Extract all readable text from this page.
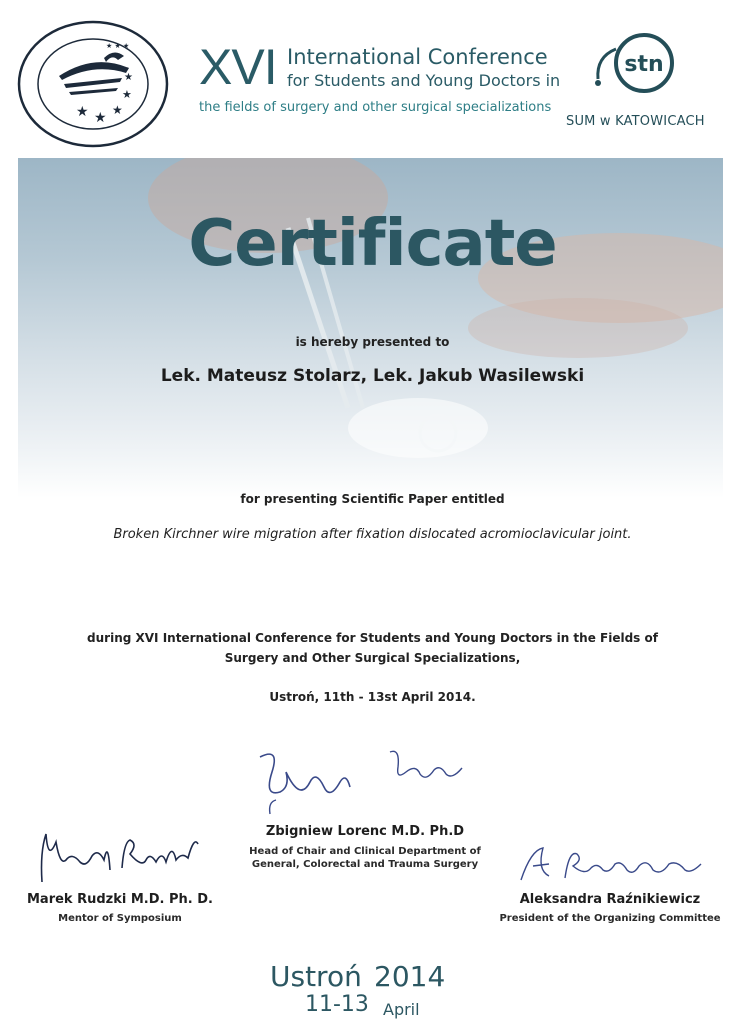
★ ★ ★
★
★
★ ★ ★ XVI International Conference
for Students and Young Doctors in
the fields of surgery and other surgical specializations
stn
SUM w KATOWICACH
Certificate
is hereby presented to
Lek. Mateusz Stolarz, Lek. Jakub Wasilewski
for presenting Scientific Paper entitled
Broken Kirchner wire migration after fixation dislocated acromioclavicular joint.
during XVI International Conference for Students and Young Doctors in the Fields of
Surgery and Other Surgical Specializations,
Ustroń, 11th - 13st April 2014.
Zbigniew Lorenc M.D. Ph.D
Head of Chair and Clinical Department of
General, Colorectal and Trauma Surgery
Marek Rudzki M.D. Ph. D.
Mentor of Symposium
Aleksandra Raźnikiewicz
President of the Organizing Committee
Ustroń 2014
11-13 April
